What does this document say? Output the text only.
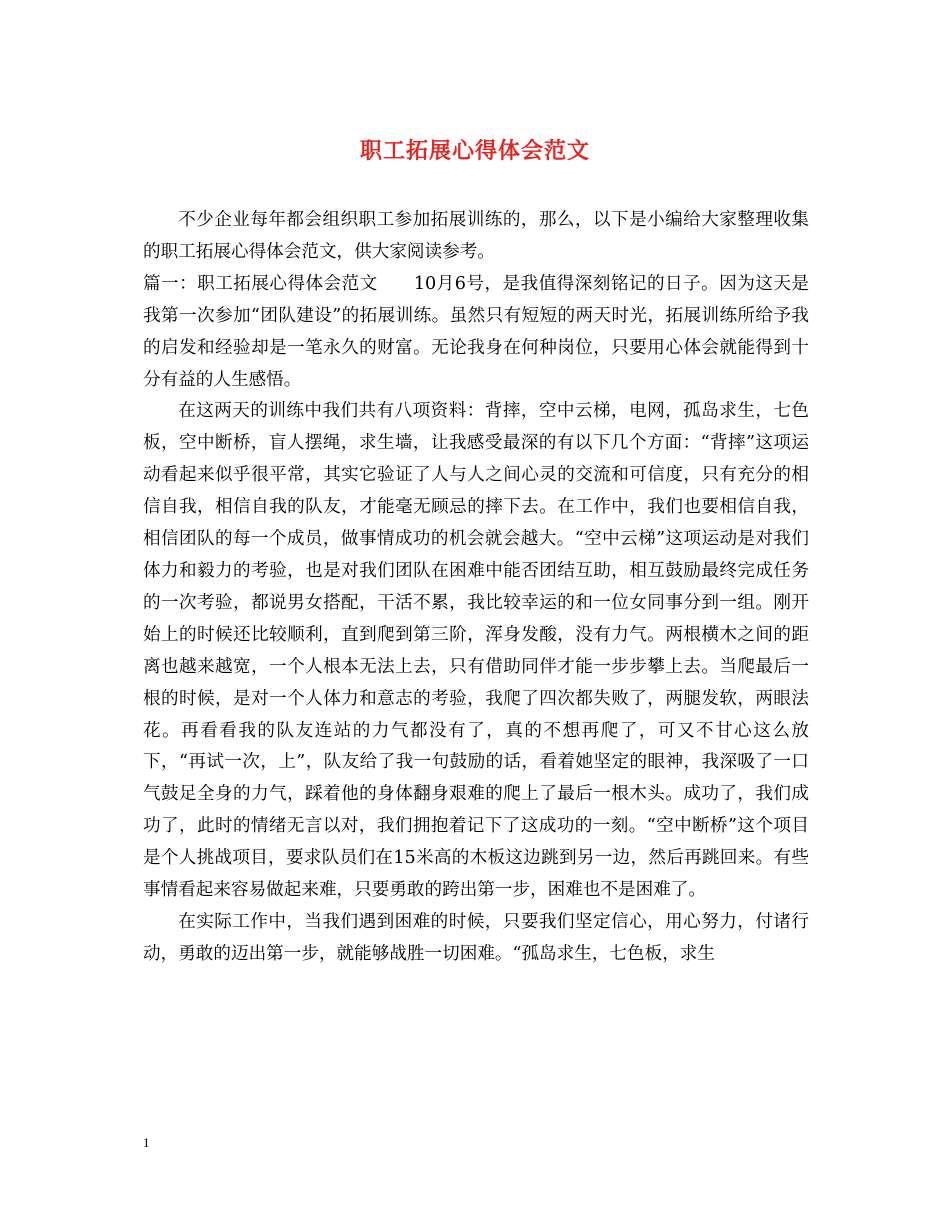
职工拓展心得体会范文

不少企业每年都会组织职工参加拓展训练的，那么，以下是小编给大家整理收集的职工拓展心得体会范文，供大家阅读参考。

篇一：职工拓展心得体会范文　　10月6号，是我值得深刻铭记的日子。因为这天是我第一次参加“团队建设”的拓展训练。虽然只有短短的两天时光，拓展训练所给予我的启发和经验却是一笔永久的财富。无论我身在何种岗位，只要用心体会就能得到十分有益的人生感悟。

在这两天的训练中我们共有八项资料：背摔，空中云梯，电网，孤岛求生，七色板，空中断桥，盲人摆绳，求生墙，让我感受最深的有以下几个方面：“背摔”这项运动看起来似乎很平常，其实它验证了人与人之间心灵的交流和可信度，只有充分的相信自我，相信自我的队友，才能毫无顾忌的摔下去。在工作中，我们也要相信自我，相信团队的每一个成员，做事情成功的机会就会越大。“空中云梯”这项运动是对我们体力和毅力的考验，也是对我们团队在困难中能否团结互助，相互鼓励最终完成任务的一次考验，都说男女搭配，干活不累，我比较幸运的和一位女同事分到一组。刚开始上的时候还比较顺利，直到爬到第三阶，浑身发酸，没有力气。两根横木之间的距离也越来越宽，一个人根本无法上去，只有借助同伴才能一步步攀上去。当爬最后一根的时候，是对一个人体力和意志的考验，我爬了四次都失败了，两腿发软，两眼法花。再看看我的队友连站的力气都没有了，真的不想再爬了，可又不甘心这么放下，“再试一次，上”，队友给了我一句鼓励的话，看着她坚定的眼神，我深吸了一口气鼓足全身的力气，踩着他的身体翻身艰难的爬上了最后一根木头。成功了，我们成功了，此时的情绪无言以对，我们拥抱着记下了这成功的一刻。“空中断桥”这个项目是个人挑战项目，要求队员们在15米高的木板这边跳到另一边，然后再跳回来。有些事情看起来容易做起来难，只要勇敢的跨出第一步，困难也不是困难了。

在实际工作中，当我们遇到困难的时候，只要我们坚定信心，用心努力，付诸行动，勇敢的迈出第一步，就能够战胜一切困难。“孤岛求生，七色板，求生

1
